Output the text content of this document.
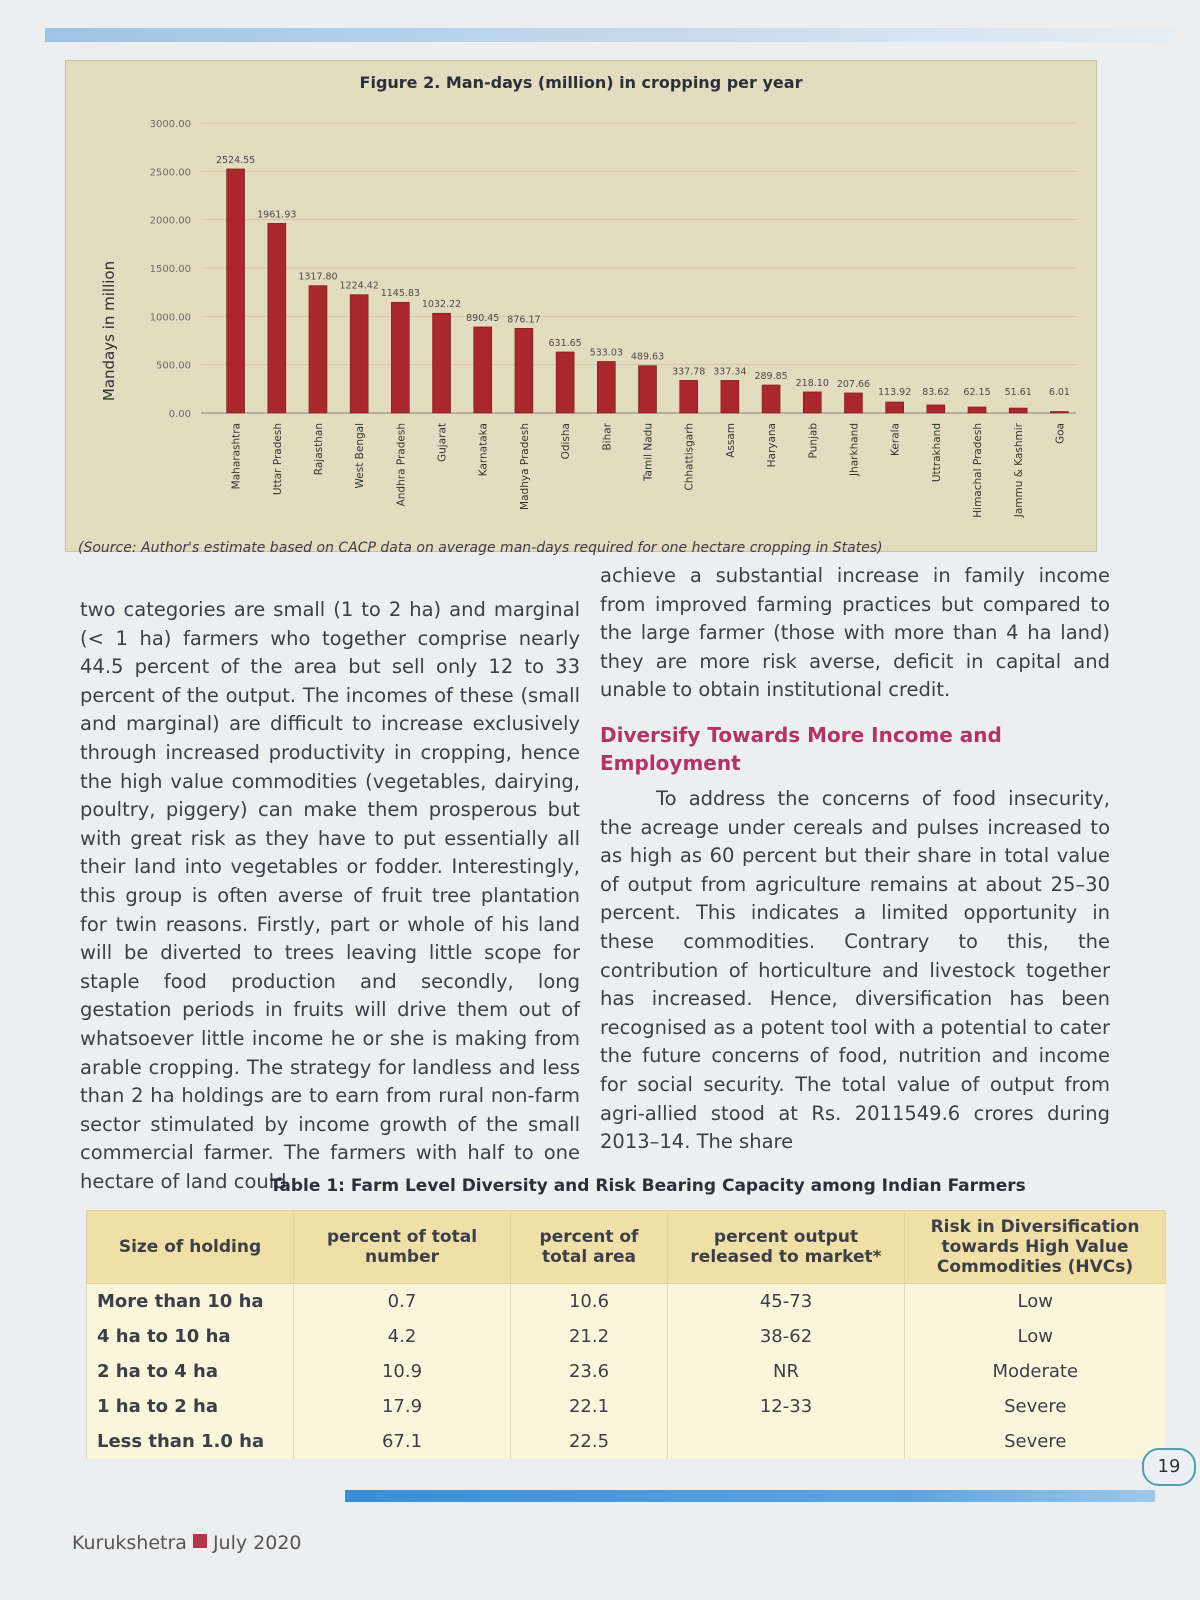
0.00
500.00
1000.00
1500.00
2000.00
2500.00
3000.00
2524.55
1961.93
1317.80
1224.42
1145.83
1032.22
890.45 876.17
631.65
533.03 489.63
337.78 337.34 289.85
218.10 207.66
113.92 83.62 62.15 51.61 6.01
Maharashtra	Uttar Pradesh	Rajasthan	West Bengal	Andhra Pradesh	Gujarat	Karnataka	Madhya Pradesh	Odisha	Bihar	Tamil Nadu	Chhattisgarh	Assam	Haryana	Punjab	Jharkhand	Kerala	Uttrakhand	Himachal Pradesh	Jammu & Kashmir	Goa
Mandays in million
Figure 2. Man-days (million) in cropping per year
(Source: Author's estimate based on CACP data on average man-days required for one hectare cropping in States)

two categories are small (1 to 2 ha) and marginal (< 1 ha) farmers who together comprise nearly 44.5 percent of the area but sell only 12 to 33 percent of the output. The incomes of these (small and marginal) are difficult to increase exclusively through increased productivity in cropping, hence the high value commodities (vegetables, dairying, poultry, piggery) can make them prosperous but with great risk as they have to put essentially all their land into vegetables or fodder. Interestingly, this group is often averse of fruit tree plantation for twin reasons. Firstly, part or whole of his land will be diverted to trees leaving little scope for staple food production and secondly, long gestation periods in fruits will drive them out of whatsoever little income he or she is making from arable cropping. The strategy for landless and less than 2 ha holdings are to earn from rural non-farm sector stimulated by income growth of the small commercial farmer. The farmers with half to one hectare of land could

achieve a substantial increase in family income from improved farming practices but compared to the large farmer (those with more than 4 ha land) they are more risk averse, deficit in capital and unable to obtain institutional credit.

Diversify Towards More Income and Employment

To address the concerns of food insecurity, the acreage under cereals and pulses increased to as high as 60 percent but their share in total value of output from agriculture remains at about 25–30 percent. This indicates a limited opportunity in these commodities. Contrary to this, the contribution of horticulture and livestock together has increased. Hence, diversification has been recognised as a potent tool with a potential to cater the future concerns of food, nutrition and income for social security. The total value of output from agri-allied stood at Rs. 2011549.6 crores during 2013–14. The share

Table 1: Farm Level Diversity and Risk Bearing Capacity among Indian Farmers
Size of holding	percent of total number	percent of total area	percent output released to market*	Risk in Diversification towards High Value Commodities (HVCs)
More than 10 ha	0.7	10.6	45-73	Low
4 ha to 10 ha	4.2	21.2	38-62	Low
2 ha to 4 ha	10.9	23.6	NR	Moderate
1 ha to 2 ha	17.9	22.1	12-33	Severe
Less than 1.0 ha	67.1	22.5		Severe
19
Kurukshetra July 2020
